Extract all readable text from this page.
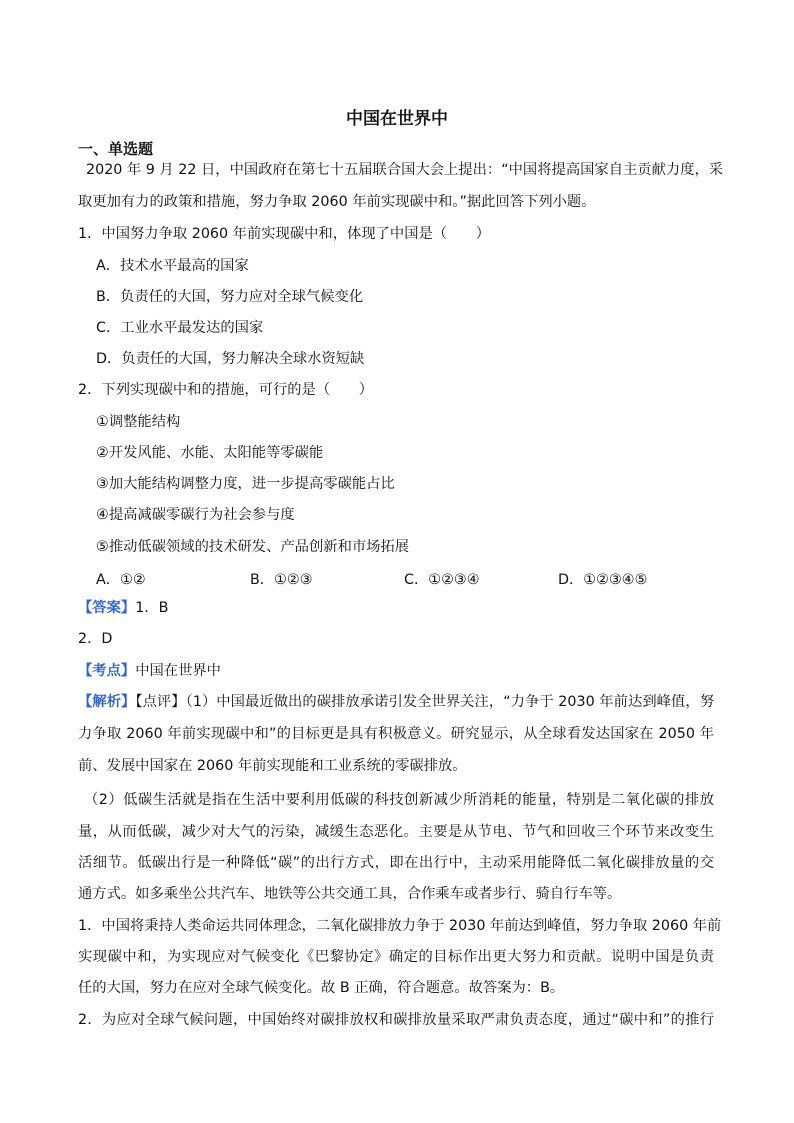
中国在世界中
一、单选题
2020 年 9 月 22 日，中国政府在第七十五届联合国大会上提出：“中国将提高国家自主贡献力度，采
取更加有力的政策和措施，努力争取 2060 年前实现碳中和。”据此回答下列小题。
1．中国努力争取 2060 年前实现碳中和，体现了中国是（　　）
A．技术水平最高的国家
B．负责任的大国，努力应对全球气候变化
C．工业水平最发达的国家
D．负责任的大国，努力解决全球水资短缺
2．下列实现碳中和的措施，可行的是（　　）
①调整能结构
②开发风能、水能、太阳能等零碳能
③加大能结构调整力度，进一步提高零碳能占比
④提高减碳零碳行为社会参与度
⑤推动低碳领域的技术研发、产品创新和市场拓展
A．①②	B．①②③	C．①②③④	D．①②③④⑤
【答案】1．B
2．D
【考点】中国在世界中
【解析】【点评】（1）中国最近做出的碳排放承诺引发全世界关注，“力争于 2030 年前达到峰值，努
力争取 2060 年前实现碳中和”的目标更是具有积极意义。研究显示，从全球看发达国家在 2050 年
前、发展中国家在 2060 年前实现能和工业系统的零碳排放。
（2）低碳生活就是指在生活中要利用低碳的科技创新减少所消耗的能量，特别是二氧化碳的排放
量，从而低碳，减少对大气的污染，减缓生态恶化。主要是从节电、节气和回收三个环节来改变生
活细节。低碳出行是一种降低“碳”的出行方式，即在出行中，主动采用能降低二氧化碳排放量的交
通方式。如多乘坐公共汽车、地铁等公共交通工具，合作乘车或者步行、骑自行车等。
1．中国将秉持人类命运共同体理念，二氧化碳排放力争于 2030 年前达到峰值，努力争取 2060 年前
实现碳中和，为实现应对气候变化《巴黎协定》确定的目标作出更大努力和贡献。说明中国是负责
任的大国，努力在应对全球气候变化。故 B 正确，符合题意。故答案为：B。
2．为应对全球气候问题，中国始终对碳排放权和碳排放量采取严肃负责态度，通过“碳中和”的推行
